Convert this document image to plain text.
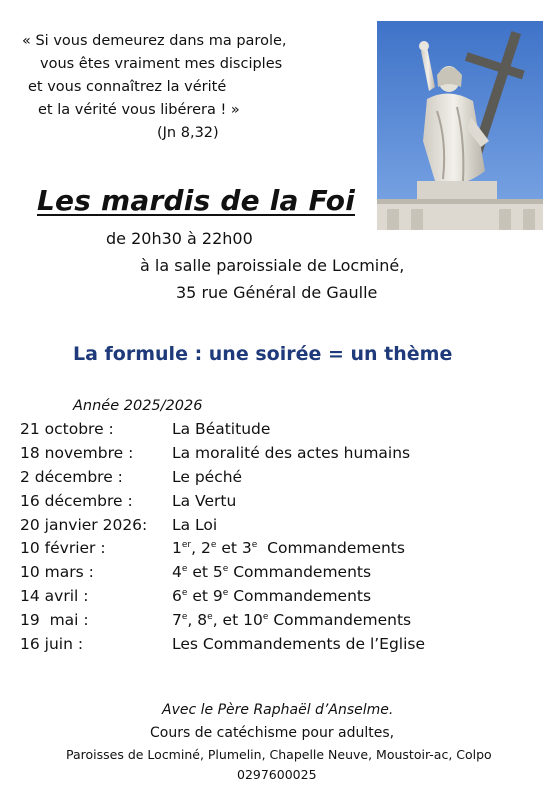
« Si vous demeurez dans ma parole,
vous êtes vraiment mes disciples
et vous connaîtrez la vérité
et la vérité vous libérera ! »
(Jn 8,32)
Les mardis de la Foi
de 20h30 à 22h00
à la salle paroissiale de Locminé,
35 rue Général de Gaulle
La formule : une soirée = un thème
Année 2025/2026
21 octobre :	La Béatitude
18 novembre : La moralité des actes humains
2 décembre :	Le péché
16 décembre :	La Vertu
20 janvier 2026: La Loi
10 février :	1er, 2e et 3e  Commandements
10 mars :	4e et 5e Commandements
14 avril :	6e et 9e Commandements
19  mai :	7e, 8e, et 10e Commandements
16 juin :	Les Commandements de l’Eglise
Avec le Père Raphaël d’Anselme.
Cours de catéchisme pour adultes,
Paroisses de Locminé, Plumelin, Chapelle Neuve, Moustoir-ac, Colpo
0297600025
